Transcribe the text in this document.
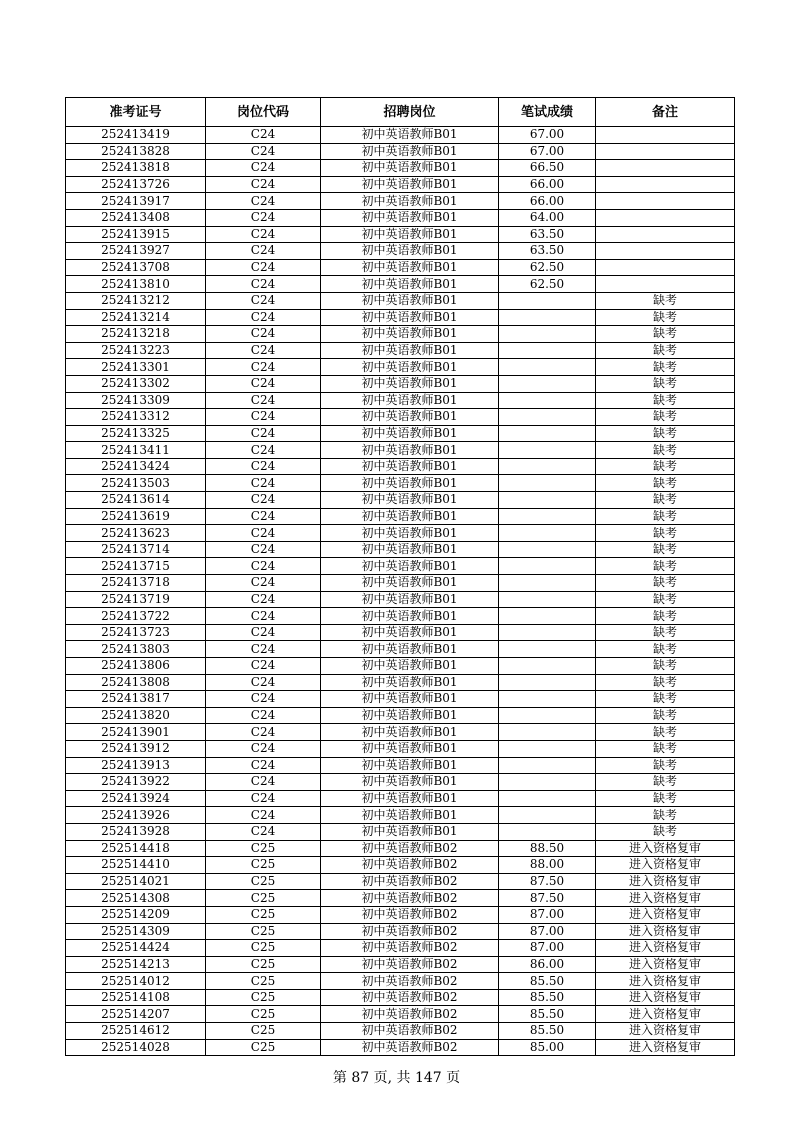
准考证号	岗位代码	招聘岗位	笔试成绩	备注
252413419	C24	初中英语教师B01	67.00	
252413828	C24	初中英语教师B01	67.00	
252413818	C24	初中英语教师B01	66.50	
252413726	C24	初中英语教师B01	66.00	
252413917	C24	初中英语教师B01	66.00	
252413408	C24	初中英语教师B01	64.00	
252413915	C24	初中英语教师B01	63.50	
252413927	C24	初中英语教师B01	63.50	
252413708	C24	初中英语教师B01	62.50	
252413810	C24	初中英语教师B01	62.50	
252413212	C24	初中英语教师B01		缺考
252413214	C24	初中英语教师B01		缺考
252413218	C24	初中英语教师B01		缺考
252413223	C24	初中英语教师B01		缺考
252413301	C24	初中英语教师B01		缺考
252413302	C24	初中英语教师B01		缺考
252413309	C24	初中英语教师B01		缺考
252413312	C24	初中英语教师B01		缺考
252413325	C24	初中英语教师B01		缺考
252413411	C24	初中英语教师B01		缺考
252413424	C24	初中英语教师B01		缺考
252413503	C24	初中英语教师B01		缺考
252413614	C24	初中英语教师B01		缺考
252413619	C24	初中英语教师B01		缺考
252413623	C24	初中英语教师B01		缺考
252413714	C24	初中英语教师B01		缺考
252413715	C24	初中英语教师B01		缺考
252413718	C24	初中英语教师B01		缺考
252413719	C24	初中英语教师B01		缺考
252413722	C24	初中英语教师B01		缺考
252413723	C24	初中英语教师B01		缺考
252413803	C24	初中英语教师B01		缺考
252413806	C24	初中英语教师B01		缺考
252413808	C24	初中英语教师B01		缺考
252413817	C24	初中英语教师B01		缺考
252413820	C24	初中英语教师B01		缺考
252413901	C24	初中英语教师B01		缺考
252413912	C24	初中英语教师B01		缺考
252413913	C24	初中英语教师B01		缺考
252413922	C24	初中英语教师B01		缺考
252413924	C24	初中英语教师B01		缺考
252413926	C24	初中英语教师B01		缺考
252413928	C24	初中英语教师B01		缺考
252514418	C25	初中英语教师B02	88.50	进入资格复审
252514410	C25	初中英语教师B02	88.00	进入资格复审
252514021	C25	初中英语教师B02	87.50	进入资格复审
252514308	C25	初中英语教师B02	87.50	进入资格复审
252514209	C25	初中英语教师B02	87.00	进入资格复审
252514309	C25	初中英语教师B02	87.00	进入资格复审
252514424	C25	初中英语教师B02	87.00	进入资格复审
252514213	C25	初中英语教师B02	86.00	进入资格复审
252514012	C25	初中英语教师B02	85.50	进入资格复审
252514108	C25	初中英语教师B02	85.50	进入资格复审
252514207	C25	初中英语教师B02	85.50	进入资格复审
252514612	C25	初中英语教师B02	85.50	进入资格复审
252514028	C25	初中英语教师B02	85.00	进入资格复审
第 87 页, 共 147 页
